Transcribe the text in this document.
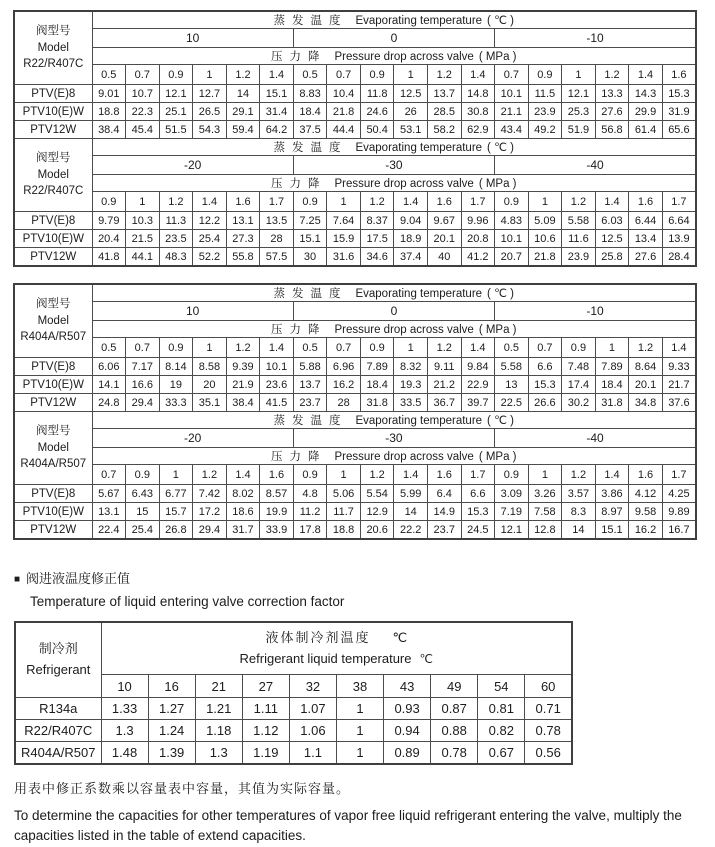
阀型号
Model
R22/R407C	蒸发温度 Evaporating temperature ( ℃ )																	
	10						0						-10					
	压力降 Pressure drop across valve ( MPa )																	
	0.5	0.7	0.9	1	1.2	1.4	0.5	0.7	0.9	1	1.2	1.4	0.7	0.9	1	1.2	1.4	1.6
PTV(E)8	9.01	10.7	12.1	12.7	14	15.1	8.83	10.4	11.8	12.5	13.7	14.8	10.1	11.5	12.1	13.3	14.3	15.3
PTV10(E)W	18.8	22.3	25.1	26.5	29.1	31.4	18.4	21.8	24.6	26	28.5	30.8	21.1	23.9	25.3	27.6	29.9	31.9
PTV12W	38.4	45.4	51.5	54.3	59.4	64.2	37.5	44.4	50.4	53.1	58.2	62.9	43.4	49.2	51.9	56.8	61.4	65.6

阀型号
Model
R22/R407C	蒸发温度 Evaporating temperature ( ℃ )																	
	-20						-30						-40					
	压力降 Pressure drop across valve ( MPa )																	
	0.9	1	1.2	1.4	1.6	1.7	0.9	1	1.2	1.4	1.6	1.7	0.9	1	1.2	1.4	1.6	1.7
PTV(E)8	9.79	10.3	11.3	12.2	13.1	13.5	7.25	7.64	8.37	9.04	9.67	9.96	4.83	5.09	5.58	6.03	6.44	6.64
PTV10(E)W	20.4	21.5	23.5	25.4	27.3	28	15.1	15.9	17.5	18.9	20.1	20.8	10.1	10.6	11.6	12.5	13.4	13.9
PTV12W	41.8	44.1	48.3	52.2	55.8	57.5	30	31.6	34.6	37.4	40	41.2	20.7	21.8	23.9	25.8	27.6	28.4
阀型号
Model
R404A/R507	蒸发温度 Evaporating temperature ( ℃ )																	
	10						0						-10					
	压力降 Pressure drop across valve ( MPa )																	
	0.5	0.7	0.9	1	1.2	1.4	0.5	0.7	0.9	1	1.2	1.4	0.5	0.7	0.9	1	1.2	1.4
PTV(E)8	6.06	7.17	8.14	8.58	9.39	10.1	5.88	6.96	7.89	8.32	9.11	9.84	5.58	6.6	7.48	7.89	8.64	9.33
PTV10(E)W	14.1	16.6	19	20	21.9	23.6	13.7	16.2	18.4	19.3	21.2	22.9	13	15.3	17.4	18.4	20.1	21.7
PTV12W	24.8	29.4	33.3	35.1	38.4	41.5	23.7	28	31.8	33.5	36.7	39.7	22.5	26.6	30.2	31.8	34.8	37.6

阀型号
Model
R404A/R507	蒸发温度 Evaporating temperature ( ℃ )																	
	-20						-30						-40					
	压力降 Pressure drop across valve ( MPa )																	
	0.7	0.9	1	1.2	1.4	1.6	0.9	1	1.2	1.4	1.6	1.7	0.9	1	1.2	1.4	1.6	1.7
PTV(E)8	5.67	6.43	6.77	7.42	8.02	8.57	4.8	5.06	5.54	5.99	6.4	6.6	3.09	3.26	3.57	3.86	4.12	4.25
PTV10(E)W	13.1	15	15.7	17.2	18.6	19.9	11.2	11.7	12.9	14	14.9	15.3	7.19	7.58	8.3	8.97	9.58	9.89
PTV12W	22.4	25.4	26.8	29.4	31.7	33.9	17.8	18.8	20.6	22.2	23.7	24.5	12.1	12.8	14	15.1	16.2	16.7
■ 阀进液温度修正值
Temperature of liquid entering valve correction factor
制冷剂
Refrigerant

液体制冷剂温度 ℃
Refrigerant liquid temperature ℃

	10	16	21	27	32	38	43	49	54	60
R134a	1.33	1.27	1.21	1.11	1.07	1	0.93	0.87	0.81	0.71
R22/R407C	1.3	1.24	1.18	1.12	1.06	1	0.94	0.88	0.82	0.78
R404A/R507	1.48	1.39	1.3	1.19	1.1	1	0.89	0.78	0.67	0.56
用表中修正系数乘以容量表中容量，其值为实际容量。
To determine the capacities for other temperatures of vapor free liquid refrigerant entering the valve, multiply the capacities listed in the table of extend capacities.
